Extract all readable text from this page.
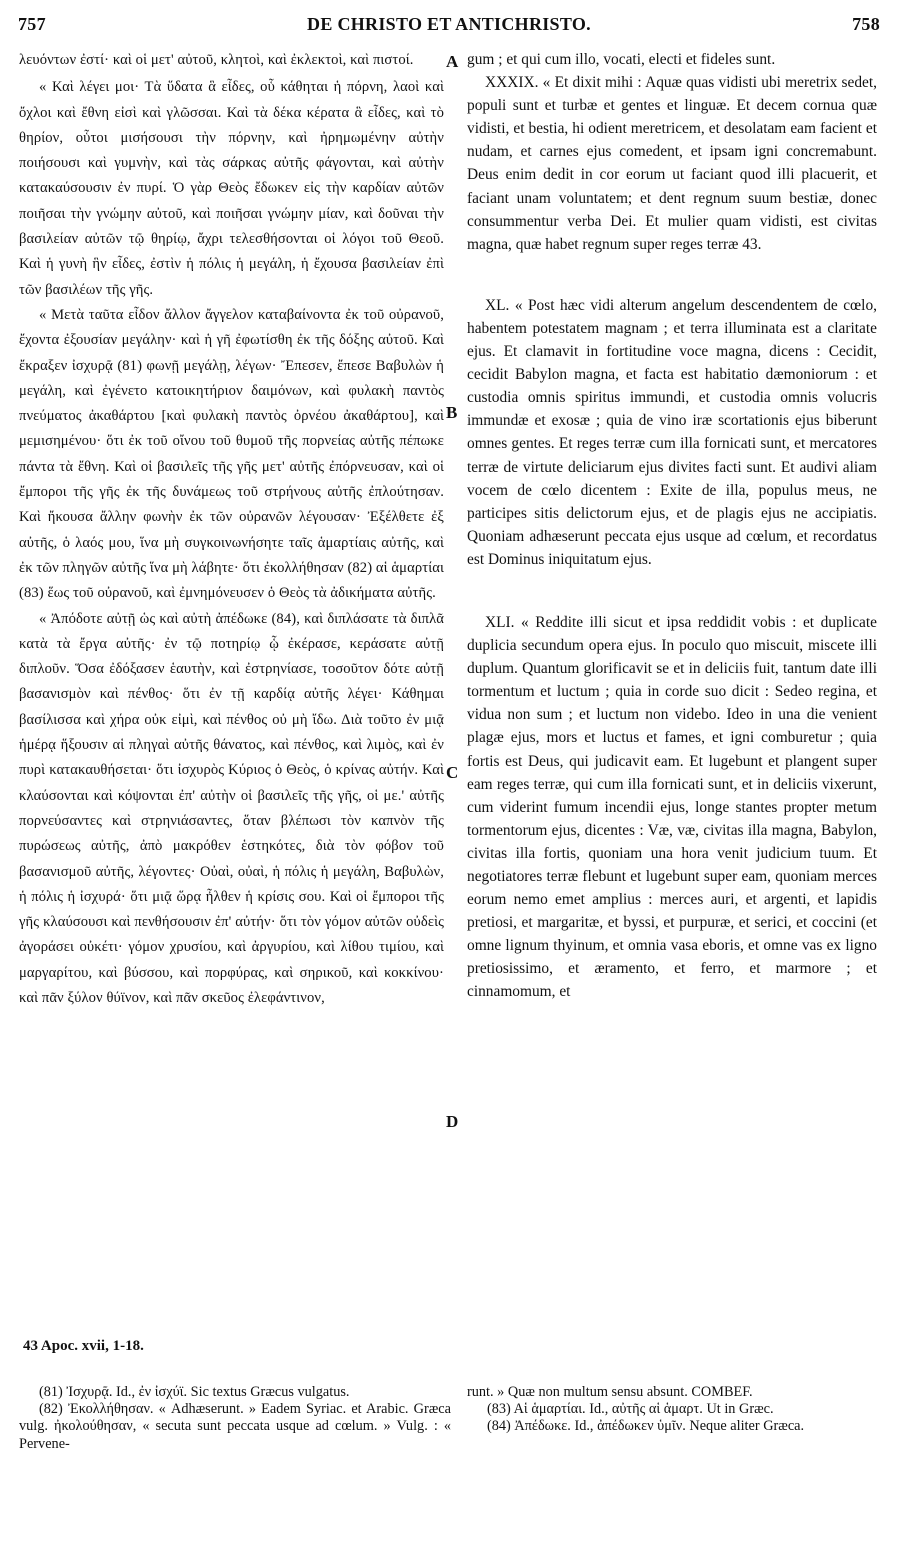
757	DE CHRISTO ET ANTICHRISTO.	758

λευόντων ἐστί· καὶ οἱ μετ' αὐτοῦ, κλητοὶ, καὶ ἐκλεκτοὶ, καὶ πιστοί.

« Καὶ λέγει μοι· Τὰ ὕδατα ἃ εἶδες, οὗ κάθηται ἡ πόρνη, λαοὶ καὶ ὄχλοι καὶ ἔθνη εἰσὶ καὶ γλῶσσαι. Καὶ τὰ δέκα κέρατα ἃ εἶδες, καὶ τὸ θηρίον, οὗτοι μισήσουσι τὴν πόρνην, καὶ ἠρημωμένην αὐτὴν ποιήσουσι καὶ γυμνὴν, καὶ τὰς σάρκας αὐτῆς φάγονται, καὶ αὐτὴν κατακαύσουσιν ἐν πυρί. Ὁ γὰρ Θεὸς ἔδωκεν εἰς τὴν καρδίαν αὐτῶν ποιῆσαι τὴν γνώμην αὐτοῦ, καὶ ποιῆσαι γνώμην μίαν, καὶ δοῦναι τὴν βασιλείαν αὐτῶν τῷ θηρίῳ, ἄχρι τελεσθήσονται οἱ λόγοι τοῦ Θεοῦ. Καὶ ἡ γυνὴ ἣν εἶδες, ἐστὶν ἡ πόλις ἡ μεγάλη, ἡ ἔχουσα βασιλείαν ἐπὶ τῶν βασιλέων τῆς γῆς.

« Μετὰ ταῦτα εἶδον ἄλλον ἄγγελον καταβαίνοντα ἐκ τοῦ οὐρανοῦ, ἔχοντα ἐξουσίαν μεγάλην· καὶ ἡ γῆ ἐφωτίσθη ἐκ τῆς δόξης αὐτοῦ. Καὶ ἔκραξεν ἰσχυρᾷ (81) φωνῇ μεγάλῃ, λέγων· Ἔπεσεν, ἔπεσε Βαβυλὼν ἡ μεγάλη, καὶ ἐγένετο κατοικητήριον δαιμόνων, καὶ φυλακὴ παντὸς πνεύματος ἀκαθάρτου [καὶ φυλακὴ παντὸς ὀρνέου ἀκαθάρτου], καὶ μεμισημένου· ὅτι ἐκ τοῦ οἴνου τοῦ θυμοῦ τῆς πορνείας αὐτῆς πέπωκε πάντα τὰ ἔθνη. Καὶ οἱ βασιλεῖς τῆς γῆς μετ' αὐτῆς ἐπόρνευσαν, καὶ οἱ ἔμποροι τῆς γῆς ἐκ τῆς δυνάμεως τοῦ στρήνους αὐτῆς ἐπλούτησαν. Καὶ ἤκουσα ἄλλην φωνὴν ἐκ τῶν οὐρανῶν λέγουσαν· Ἐξέλθετε ἐξ αὐτῆς, ὁ λαός μου, ἵνα μὴ συγκοινωνήσητε ταῖς ἁμαρτίαις αὐτῆς, καὶ ἐκ τῶν πληγῶν αὐτῆς ἵνα μὴ λάβητε· ὅτι ἐκολλήθησαν (82) αἱ ἁμαρτίαι (83) ἕως τοῦ οὐρανοῦ, καὶ ἐμνημόνευσεν ὁ Θεὸς τὰ ἀδικήματα αὐτῆς.

« Ἀπόδοτε αὐτῇ ὡς καὶ αὐτὴ ἀπέδωκε (84), καὶ διπλάσατε τὰ διπλᾶ κατὰ τὰ ἔργα αὐτῆς· ἐν τῷ ποτηρίῳ ᾧ ἐκέρασε, κεράσατε αὐτῇ διπλοῦν. Ὅσα ἐδόξασεν ἑαυτὴν, καὶ ἐστρηνίασε, τοσοῦτον δότε αὐτῇ βασανισμὸν καὶ πένθος· ὅτι ἐν τῇ καρδίᾳ αὐτῆς λέγει· Κάθημαι βασίλισσα καὶ χήρα οὐκ εἰμὶ, καὶ πένθος οὐ μὴ ἴδω. Διὰ τοῦτο ἐν μιᾷ ἡμέρᾳ ἥξουσιν αἱ πληγαὶ αὐτῆς θάνατος, καὶ πένθος, καὶ λιμὸς, καὶ ἐν πυρὶ κατακαυθήσεται· ὅτι ἰσχυρὸς Κύριος ὁ Θεὸς, ὁ κρίνας αὐτήν. Καὶ κλαύσονται καὶ κόψονται ἐπ' αὐτὴν οἱ βασιλεῖς τῆς γῆς, οἱ με.' αὐτῆς πορνεύσαντες καὶ στρηνιάσαντες, ὅταν βλέπωσι τὸν καπνὸν τῆς πυρώσεως αὐτῆς, ἀπὸ μακρόθεν ἑστηκότες, διὰ τὸν φόβον τοῦ βασανισμοῦ αὐτῆς, λέγοντες· Οὐαὶ, οὐαὶ, ἡ πόλις ἡ μεγάλη, Βαβυλὼν, ἡ πόλις ἡ ἰσχυρά· ὅτι μιᾷ ὥρᾳ ἦλθεν ἡ κρίσις σου. Καὶ οἱ ἔμποροι τῆς γῆς κλαύσουσι καὶ πενθήσουσιν ἐπ' αὐτήν· ὅτι τὸν γόμον αὐτῶν οὐδεὶς ἀγοράσει οὐκέτι· γόμον χρυσίου, καὶ ἀργυρίου, καὶ λίθου τιμίου, καὶ μαργαρίτου, καὶ βύσσου, καὶ πορφύρας, καὶ σηρικοῦ, καὶ κοκκίνου· καὶ πᾶν ξύλον θύϊνον, καὶ πᾶν σκεῦος ἐλεφάντινον,

A
B
C
D

gum ; et qui cum illo, vocati, electi et fideles sunt.

XXXIX. « Et dixit mihi : Aquæ quas vidisti ubi meretrix sedet, populi sunt et turbæ et gentes et linguæ. Et decem cornua quæ vidisti, et bestia, hi odient meretricem, et desolatam eam facient et nudam, et carnes ejus comedent, et ipsam igni concremabunt. Deus enim dedit in cor eorum ut faciant quod illi placuerit, et faciant unam voluntatem; et dent regnum suum bestiæ, donec consummentur verba Dei. Et mulier quam vidisti, est civitas magna, quæ habet regnum super reges terræ 43.

XL. « Post hæc vidi alterum angelum descendentem de cœlo, habentem potestatem magnam ; et terra illuminata est a claritate ejus. Et clamavit in fortitudine voce magna, dicens : Cecidit, cecidit Babylon magna, et facta est habitatio dæmoniorum : et custodia omnis spiritus immundi, et custodia omnis volucris immundæ et exosæ ; quia de vino iræ scortationis ejus biberunt omnes gentes. Et reges terræ cum illa fornicati sunt, et mercatores terræ de virtute deliciarum ejus divites facti sunt. Et audivi aliam vocem de cœlo dicentem : Exite de illa, populus meus, ne participes sitis delictorum ejus, et de plagis ejus ne accipiatis. Quoniam adhæserunt peccata ejus usque ad cœlum, et recordatus est Dominus iniquitatum ejus.

XLI. « Reddite illi sicut et ipsa reddidit vobis : et duplicate duplicia secundum opera ejus. In poculo quo miscuit, miscete illi duplum. Quantum glorificavit se et in deliciis fuit, tantum date illi tormentum et luctum ; quia in corde suo dicit : Sedeo regina, et vidua non sum ; et luctum non videbo. Ideo in una die venient plagæ ejus, mors et luctus et fames, et igni comburetur ; quia fortis est Deus, qui judicavit eam. Et lugebunt et plangent super eam reges terræ, qui cum illa fornicati sunt, et in deliciis vixerunt, cum viderint fumum incendii ejus, longe stantes propter metum tormentorum ejus, dicentes : Væ, væ, civitas illa magna, Babylon, civitas illa fortis, quoniam una hora venit judicium tuum. Et negotiatores terræ flebunt et lugebunt super eam, quoniam merces eorum nemo emet amplius : merces auri, et argenti, et lapidis pretiosi, et margaritæ, et byssi, et purpuræ, et serici, et coccini (et omne lignum thyinum, et omnia vasa eboris, et omne vas ex ligno pretiosissimo, et æramento, et ferro, et marmore ; et cinnamomum, et

43 Apoc. xvii, 1-18.

(81) Ἰσχυρᾷ. Id., ἐν ἰσχύϊ. Sic textus Græcus vulgatus.

(82) Ἐκολλήθησαν. « Adhæserunt. » Eadem Syriac. et Arabic. Græca vulg. ἠκολούθησαν, « secuta sunt peccata usque ad cœlum. » Vulg. : « Pervene-

runt. » Quæ non multum sensu absunt. COMBEF.

(83) Αἱ ἁμαρτίαι. Id., αὐτῆς αἱ ἁμαρτ. Ut in Græc.

(84) Ἀπέδωκε. Id., ἀπέδωκεν ὑμῖν. Neque aliter Græca.
